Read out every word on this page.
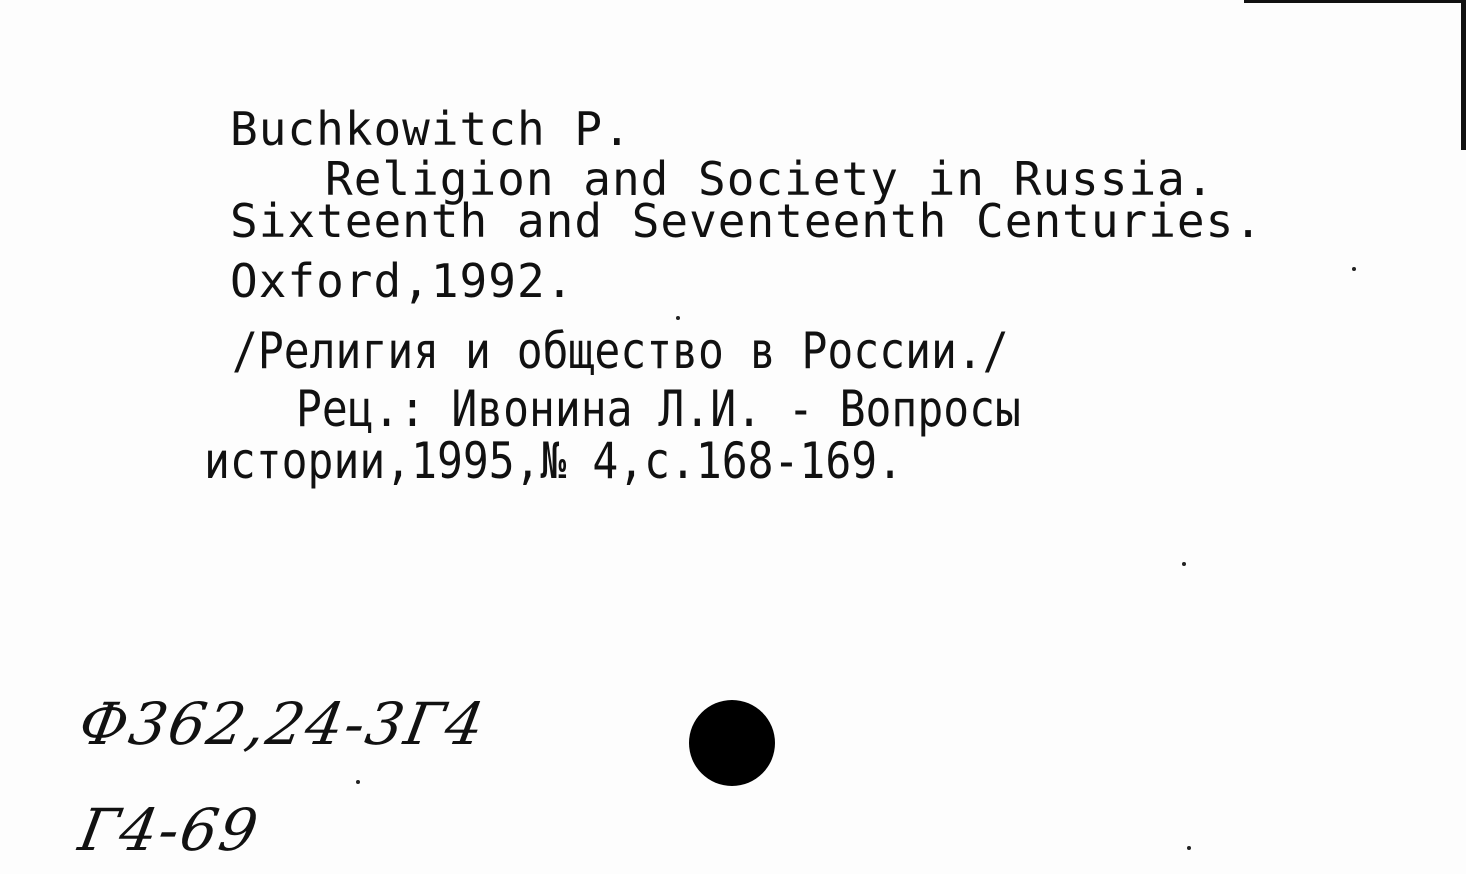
Buchkowitch P.
Religion and Society in Russia.
Sixteenth and Seventeenth Centuries.
Oxford,1992.
/Религия и общество в России./
Рец.: Ивонина Л.И. - Вопросы
истории,1995,№ 4,с.168-169.
Ф362,24-3Г4
Г4-69
